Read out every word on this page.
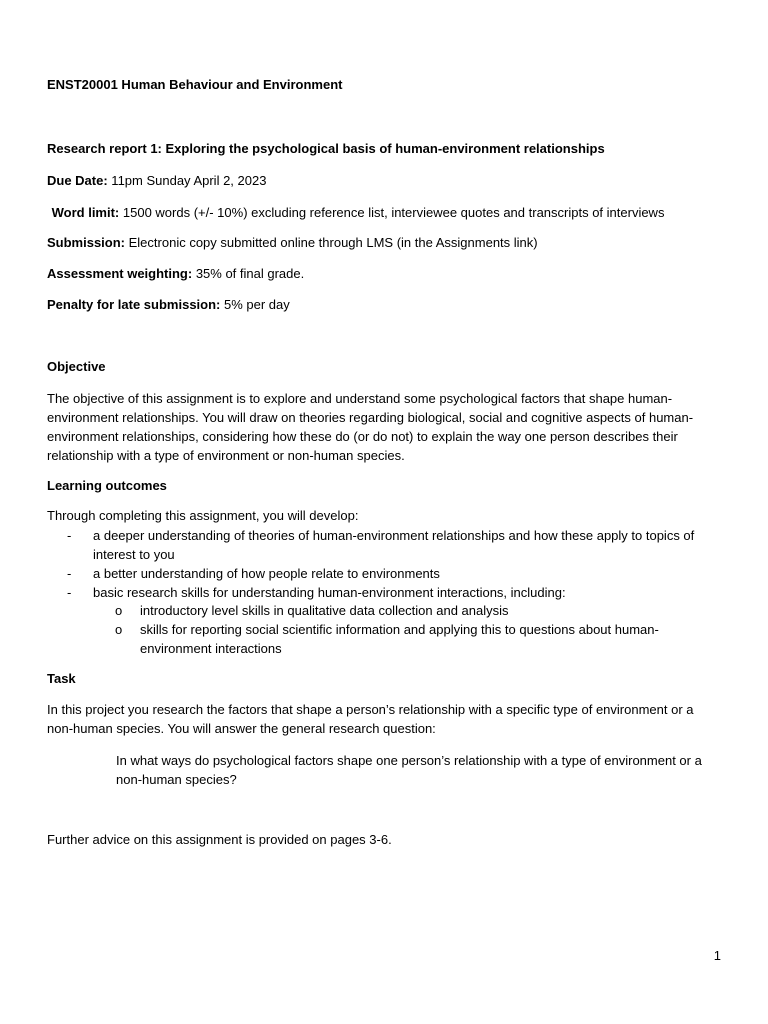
ENST20001 Human Behaviour and Environment
Research report 1: Exploring the psychological basis of human-environment relationships
Due Date: 11pm Sunday April 2, 2023
Word limit: 1500 words (+/- 10%) excluding reference list, interviewee quotes and transcripts of interviews
Submission: Electronic copy submitted online through LMS (in the Assignments link)
Assessment weighting: 35% of final grade.
Penalty for late submission: 5% per day
Objective

The objective of this assignment is to explore and understand some psychological factors that shape human-

environment relationships. You will draw on theories regarding biological, social and cognitive aspects of human-

environment relationships, considering how these do (or do not) to explain the way one person describes their

relationship with a type of environment or non-human species.

Learning outcomes
Through completing this assignment, you will develop:
- a deeper understanding of theories of human-environment relationships and how these apply to topics of
interest to you
- a better understanding of how people relate to environments
- basic research skills for understanding human-environment interactions, including:
o introductory level skills in qualitative data collection and analysis
o skills for reporting social scientific information and applying this to questions about human-
environment interactions
Task

In this project you research the factors that shape a person’s relationship with a specific type of environment or a

non-human species. You will answer the general research question:

In what ways do psychological factors shape one person’s relationship with a type of environment or a
non-human species?
Further advice on this assignment is provided on pages 3-6.
1
